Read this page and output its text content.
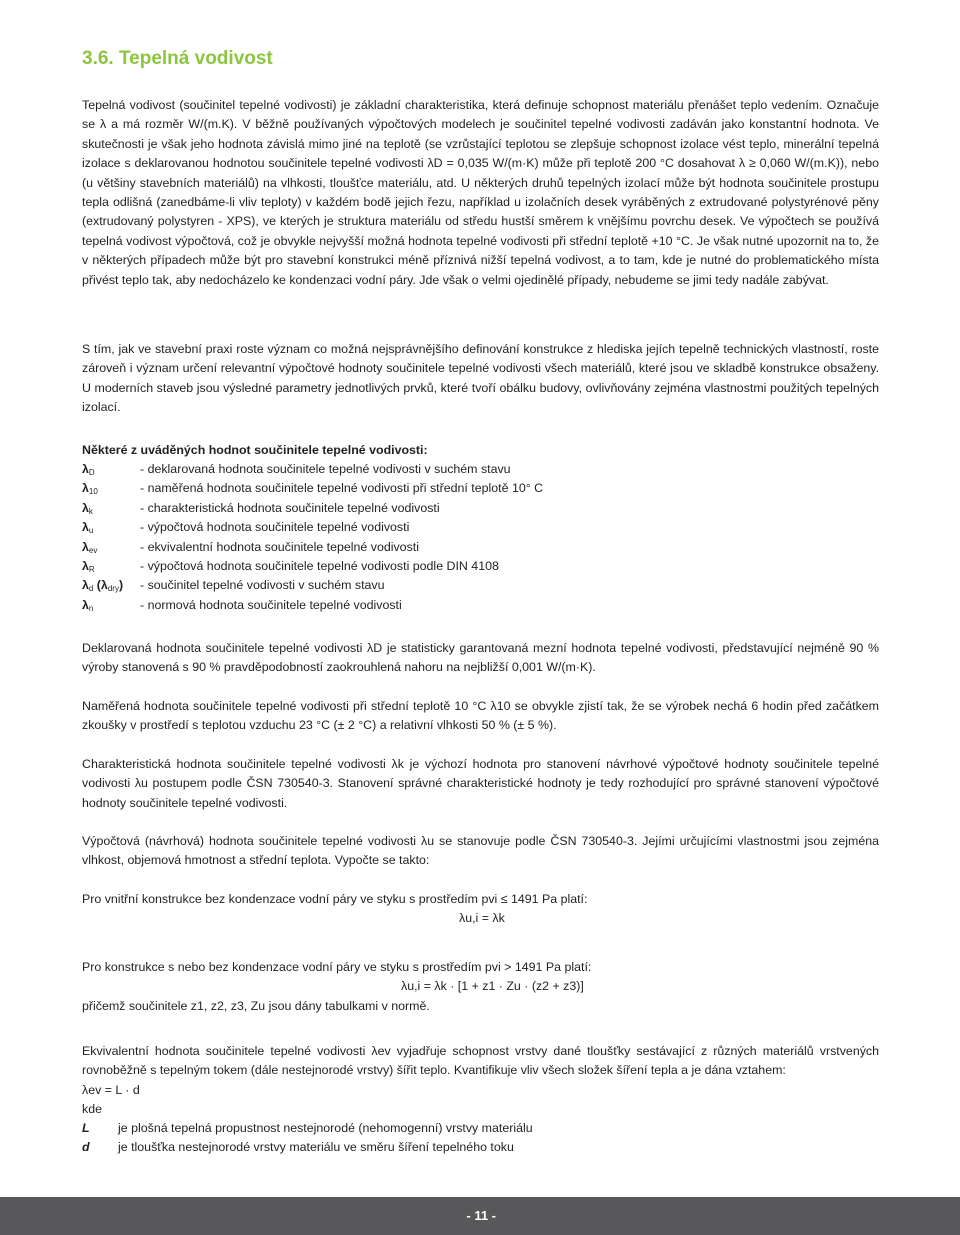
3.6. Tepelná vodivost

Tepelná vodivost (součinitel tepelné vodivosti) je základní charakteristika, která definuje schopnost materiálu přenášet teplo vedením. Označuje se λ a má rozměr W/(m.K). V běžně používaných výpočtových modelech je součinitel tepelné vodivosti zadáván jako konstantní hodnota. Ve skutečnosti je však jeho hodnota závislá mimo jiné na teplotě (se vzrůstající teplotou se zlepšuje schopnost izolace vést teplo, minerální tepelná izolace s deklarovanou hodnotou součinitele tepelné vodivosti λD = 0,035 W/(m·K) může při teplotě 200 °C dosahovat λ ≥ 0,060 W/(m.K)), nebo (u většiny stavebních materiálů) na vlhkosti, tloušťce materiálu, atd. U některých druhů tepelných izolací může být hodnota součinitele prostupu tepla odlišná (zanedbáme-li vliv teploty) v každém bodě jejich řezu, například u izolačních desek vyráběných z extrudované polystyrénové pěny (extrudovaný polystyren - XPS), ve kterých je struktura materiálu od středu hustší směrem k vnějšímu povrchu desek. Ve výpočtech se používá tepelná vodivost výpočtová, což je obvykle nejvyšší možná hodnota tepelné vodivosti při střední teplotě +10 °C. Je však nutné upozornit na to, že v některých případech může být pro stavební konstrukci méně příznivá nižší tepelná vodivost, a to tam, kde je nutné do problematického místa přivést teplo tak, aby nedocházelo ke kondenzaci vodní páry. Jde však o velmi ojedinělé případy, nebudeme se jimi tedy nadále zabývat.

S tím, jak ve stavební praxi roste význam co možná nejsprávnějšího definování konstrukce z hlediska jejích tepelně technických vlastností, roste zároveň i význam určení relevantní výpočtové hodnoty součinitele tepelné vodivosti všech materiálů, které jsou ve skladbě konstrukce obsaženy. U moderních staveb jsou výsledné parametry jednotlivých prvků, které tvoří obálku budovy, ovlivňovány zejména vlastnostmi použitých tepelných izolací.

Některé z uváděných hodnot součinitele tepelné vodivosti:

$\lambda_D$	- deklarovaná hodnota součinitele tepelné vodivosti v suchém stavu
$\lambda_{10}$	- naměřená hodnota součinitele tepelné vodivosti při střední teplotě 10° C
$\lambda_k$	- charakteristická hodnota součinitele tepelné vodivosti
$\lambda_u$	- výpočtová hodnota součinitele tepelné vodivosti
$\lambda_{ev}$	- ekvivalentní hodnota součinitele tepelné vodivosti
$\lambda_R$	- výpočtová hodnota součinitele tepelné vodivosti podle DIN 4108
$\lambda_d$ $(\lambda_{dry})$ - součinitel tepelné vodivosti v suchém stavu
$\lambda_n$	- normová hodnota součinitele tepelné vodivosti

Deklarovaná hodnota součinitele tepelné vodivosti λD je statisticky garantovaná mezní hodnota tepelné vodivosti, představující nejméně 90 % výroby stanovená s 90 % pravděpodobností zaokrouhlená nahoru na nejbližší 0,001 W/(m·K).

Naměřená hodnota součinitele tepelné vodivosti při střední teplotě 10 °C λ10 se obvykle zjistí tak, že se výrobek nechá 6 hodin před začátkem zkoušky v prostředí s teplotou vzduchu 23 °C (± 2 °C) a relativní vlhkosti 50 % (± 5 %).

Charakteristická hodnota součinitele tepelné vodivosti λk je výchozí hodnota pro stanovení návrhové výpočtové hodnoty součinitele tepelné vodivosti λu postupem podle ČSN 730540-3. Stanovení správné charakteristické hodnoty je tedy rozhodující pro správné stanovení výpočtové hodnoty součinitele tepelné vodivosti.

Výpočtová (návrhová) hodnota součinitele tepelné vodivosti λu se stanovuje podle ČSN 730540-3. Jejími určujícími vlastnostmi jsou zejména vlhkost, objemová hmotnost a střední teplota. Vypočte se takto:

Pro vnitřní konstrukce bez kondenzace vodní páry ve styku s prostředím pvi ≤ 1491 Pa platí:

λu,i = λk

Pro konstrukce s nebo bez kondenzace vodní páry ve styku s prostředím pvi > 1491 Pa platí:

λu,i = λk · [1 + z1 · Zu · (z2 + z3)]

přičemž součinitele z1, z2, z3, Zu jsou dány tabulkami v normě.

Ekvivalentní hodnota součinitele tepelné vodivosti λev vyjadřuje schopnost vrstvy dané tloušťky sestávající z různých materiálů vrstvených rovnoběžně s tepelným tokem (dále nestejnorodé vrstvy) šířit teplo. Kvantifikuje vliv všech složek šíření tepla a je dána vztahem:

λev = L · d

kde

L je plošná tepelná propustnost nestejnorodé (nehomogenní) vrstvy materiálu
d je tloušťka nestejnorodé vrstvy materiálu ve směru šíření tepelného toku
- 11 -
